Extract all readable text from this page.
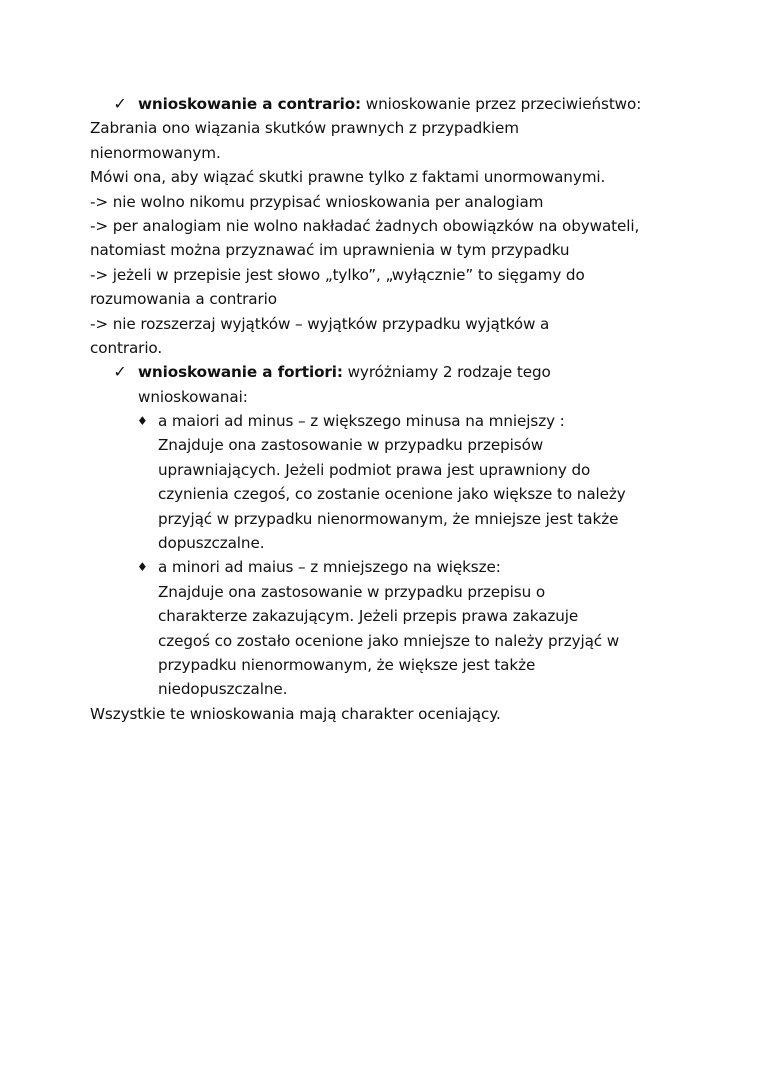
✓ wnioskowanie a contrario: wnioskowanie przez przeciwieństwo:
Zabrania ono wiązania skutków prawnych z przypadkiem
nienormowanym.
Mówi ona, aby wiązać skutki prawne tylko z faktami unormowanymi.
-> nie wolno nikomu przypisać wnioskowania per analogiam
-> per analogiam nie wolno nakładać żadnych obowiązków na obywateli,
natomiast można przyznawać im uprawnienia w tym przypadku
-> jeżeli w przepisie jest słowo „tylko”, „wyłącznie” to sięgamy do
rozumowania a contrario
-> nie rozszerzaj wyjątków – wyjątków przypadku wyjątków a
contrario.
✓ wnioskowanie a fortiori: wyróżniamy 2 rodzaje tego
wnioskowanai:
♦ a maiori ad minus – z większego minusa na mniejszy :
Znajduje ona zastosowanie w przypadku przepisów
uprawniających. Jeżeli podmiot prawa jest uprawniony do
czynienia czegoś, co zostanie ocenione jako większe to należy
przyjąć w przypadku nienormowanym, że mniejsze jest także
dopuszczalne.
♦ a minori ad maius – z mniejszego na większe:
Znajduje ona zastosowanie w przypadku przepisu o
charakterze zakazującym. Jeżeli przepis prawa zakazuje
czegoś co zostało ocenione jako mniejsze to należy przyjąć w
przypadku nienormowanym, że większe jest także
niedopuszczalne.
Wszystkie te wnioskowania mają charakter oceniający.
